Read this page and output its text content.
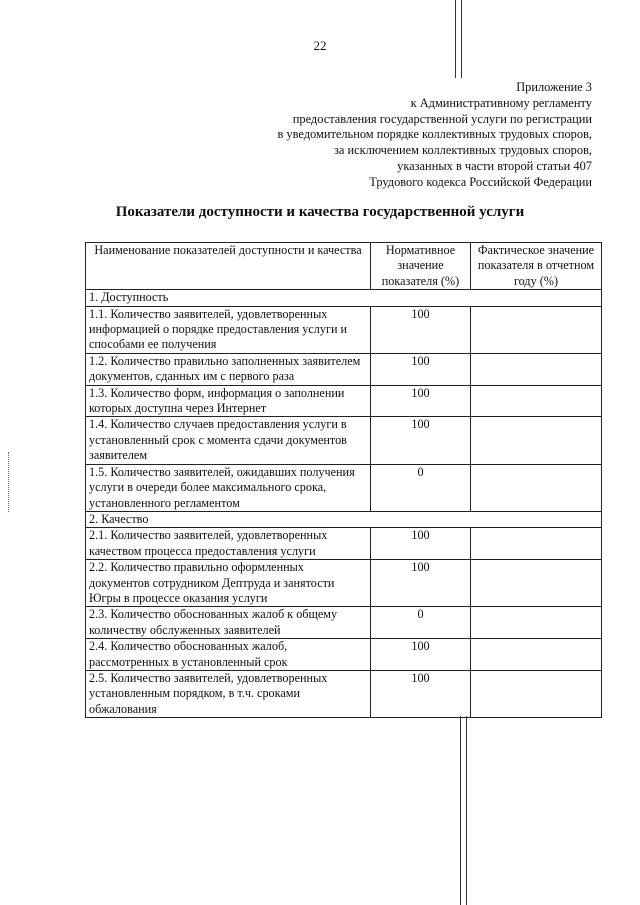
22
Приложение 3
к Административному регламенту
предоставления государственной услуги по регистрации
в уведомительном порядке коллективных трудовых споров,
за исключением коллективных трудовых споров,
указанных в части второй статьи 407
Трудового кодекса Российской Федерации
Показатели доступности и качества государственной услуги
Наименование показателей доступности и качества	Нормативное значение показателя (%)	Фактическое значение показателя в отчетном году (%)
1. Доступность		
1.1. Количество заявителей, удовлетворенных информацией о порядке предоставления услуги и способами ее получения	100	
1.2. Количество правильно заполненных заявителем документов, сданных им с первого раза	100	
1.3. Количество форм, информация о заполнении которых доступна через Интернет	100	
1.4. Количество случаев предоставления услуги в установленный срок с момента сдачи документов заявителем	100	
1.5. Количество заявителей, ожидавших получения услуги в очереди более максимального срока, установленного регламентом	0	
2. Качество		
2.1. Количество заявителей, удовлетворенных качеством процесса предоставления услуги	100	
2.2. Количество правильно оформленных документов сотрудником Дептруда и занятости Югры в процессе оказания услуги	100	
2.3. Количество обоснованных жалоб к общему количеству обслуженных заявителей	0	
2.4. Количество обоснованных жалоб, рассмотренных в установленный срок	100	
2.5. Количество заявителей, удовлетворенных установленным порядком, в т.ч. сроками обжалования	100	
